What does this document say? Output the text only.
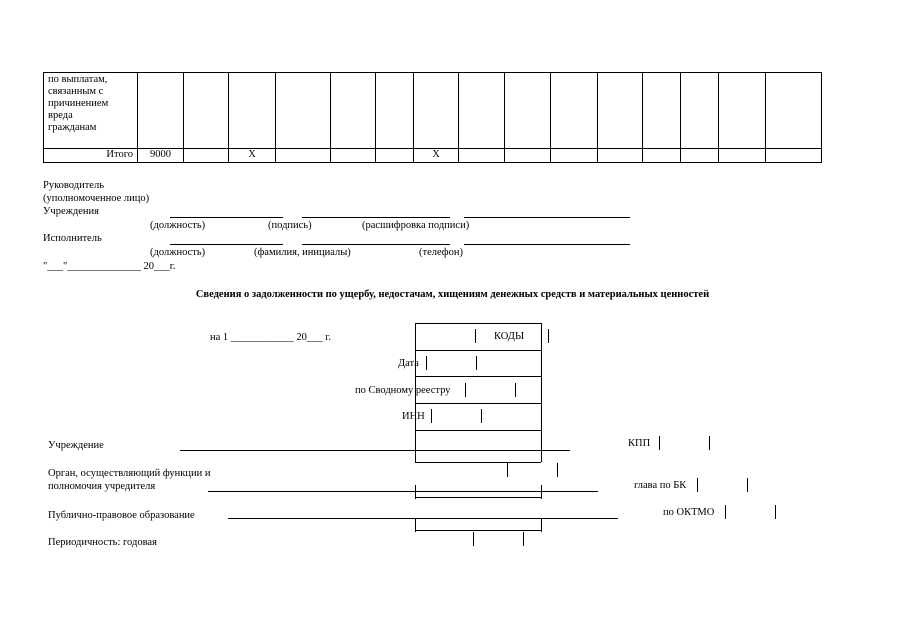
по выплатам,
связанным с
причинением
вреда
гражданам															

Итого	9000		X				X								
Руководитель
(уполномоченное лицо)
Учреждения
(должность)	(подпись)	(расшифровка подписи)
Исполнитель
(должность)	(фамилия, инициалы)	(телефон)
"___"______________ 20___г.
Сведения о задолженности по ущербу, недостачам, хищениям денежных средств и материальных ценностей
на 1 ____________ 20___ г.	КОДЫ
Дата
по Сводному реестру
ИНН
Учреждение	КПП
Орган, осуществляющий функции и
полномочия учредителя	глава по БК
Публично-правовое образование	по ОКТМО
Периодичность: годовая
